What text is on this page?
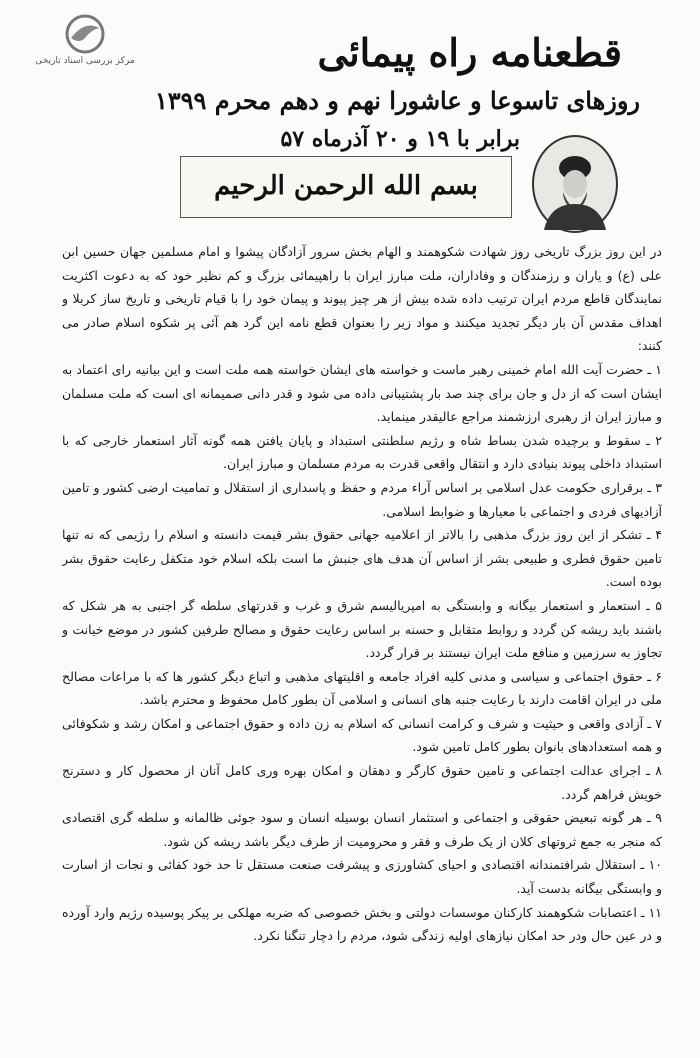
مرکز بررسی اسناد تاریخی	قطعنامه راه پیمائی
روزهای تاسوعا و عاشورا نهم و دهم محرم ۱۳۹۹
برابر با ۱۹ و ۲۰ آذرماه ۵۷
بسم الله الرحمن الرحیم

در این روز بزرگ تاریخی روز شهادت شکوهمند و الهام بخش سرور آزادگان پیشوا و امام مسلمین جهان حسین ابن علی (ع) و یاران و رزمندگان و وفاداران، ملت مبارز ایران با راهپیمائی بزرگ و کم نظیر خود که به دعوت اکثریت نمایندگان قاطع مردم ایران ترتیب داده شده بیش از هر چیز پیوند و پیمان خود را با قیام تاریخی و تاریخ ساز کربلا و اهداف مقدس آن بار دیگر تجدید میکنند و مواد زیر را بعنوان قطع نامه این گرد هم آئی پر شکوه اسلام صادر می کنند:

۱ ـ حضرت آیت الله امام خمینی رهبر ماست و خواسته های ایشان خواسته همه ملت است و این بیانیه رای اعتماد به ایشان است که از دل و جان برای چند صد بار پشتیبانی داده می شود و قدر دانی صمیمانه ای است که ملت مسلمان و مبارز ایران از رهبری ارزشمند مراجع عالیقدر مینماید.

۲ ـ سقوط و برچیده شدن بساط شاه و رژیم سلطنتی استبداد و پایان یافتن همه گونه آثار استعمار خارجی که با استبداد داخلی پیوند بنیادی دارد و انتقال واقعی قدرت به مردم مسلمان و مبارز ایران.

۳ ـ برقراری حکومت عدل اسلامی بر اساس آراء مردم و حفظ و پاسداری از استقلال و تمامیت ارضی کشور و تامین آزادیهای فردی و اجتماعی با معیارها و ضوابط اسلامی.

۴ ـ تشکر از این روز بزرگ مذهبی را بالاتر از اعلامیه جهانی حقوق بشر قیمت دانسته و اسلام را رژیمی که نه تنها تامین حقوق فطری و طبیعی بشر از اساس آن هدف های جنبش ما است بلکه اسلام خود متکفل رعایت حقوق بشر بوده است.

۵ ـ استعمار و استعمار بیگانه و وابستگی به امپریالیسم شرق و غرب و قدرتهای سلطه گر اجنبی به هر شکل که باشند باید ریشه کن گردد و روابط متقابل و حسنه بر اساس رعایت حقوق و مصالح طرفین کشور در موضع خیانت و تجاوز به سرزمین و منافع ملت ایران نیستند بر قرار گردد.

۶ ـ حقوق اجتماعی و سیاسی و مدنی کلیه افراد جامعه و اقلیتهای مذهبی و اتباع دیگر کشور ها که با مراعات مصالح ملی در ایران اقامت دارند با رعایت جنبه های انسانی و اسلامی آن بطور کامل محفوظ و محترم باشد.

۷ ـ آزادی واقعی و حیثیت و شرف و کرامت انسانی که اسلام به زن داده و حقوق اجتماعی و امکان رشد و شکوفائی و همه استعدادهای بانوان بطور کامل تامین شود.

۸ ـ اجرای عدالت اجتماعی و تامین حقوق کارگر و دهقان و امکان بهره وری کامل آنان از محصول کار و دسترنج خویش فراهم گردد.

۹ ـ هر گونه تبعیض حقوقی و اجتماعی و استثمار انسان بوسیله انسان و سود جوئی ظالمانه و سلطه گری اقتصادی که منجر به جمع ثروتهای کلان از یک طرف و فقر و محرومیت از طرف دیگر باشد ریشه کن شود.

۱۰ ـ استقلال شرافتمندانه اقتصادی و احیای کشاورزی و پیشرفت صنعت مستقل تا حد خود کفائی و نجات از اسارت و وابستگی بیگانه بدست آید.

۱۱ ـ اعتصابات شکوهمند کارکنان موسسات دولتی و بخش خصوصی که ضربه مهلکی بر پیکر پوسیده رژیم وارد آورده و در عین حال ودر حد امکان نیازهای اولیه زندگی شود، مردم را دچار تنگنا نکرد.
